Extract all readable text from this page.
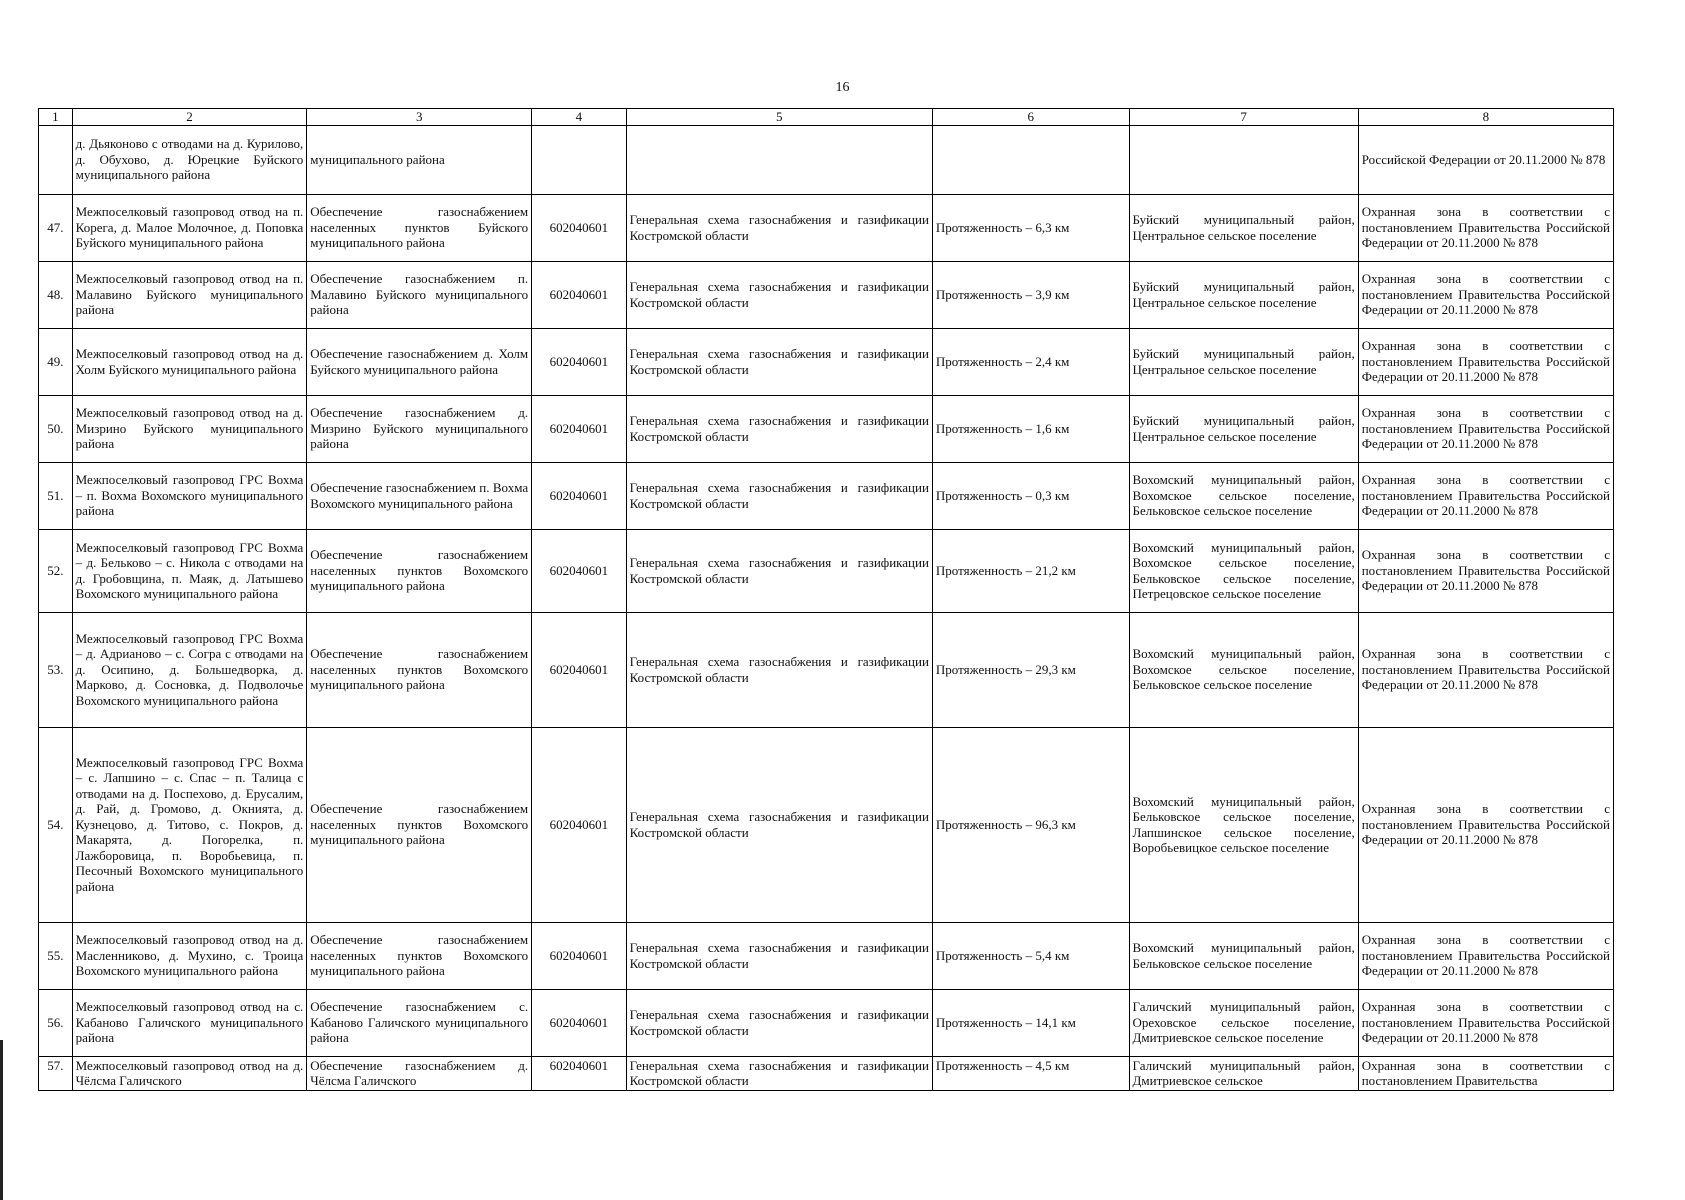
16
1	2	3	4	5	6	7	8
	д. Дьяконово с отводами на д. Курилово, д. Обухово, д. Юрецкие Буйского муниципального района	муниципального района					Российской Федерации от 20.11.2000 № 878
47.	Межпоселковый газопровод отвод на п. Корега, д. Малое Молочное, д. Поповка Буйского муниципального района	Обеспечение газоснабжением населенных пунктов Буйского муниципального района	602040601	Генеральная схема газоснабжения и газификации Костромской области	Протяженность – 6,3 км	Буйский муниципальный район, Центральное сельское поселение	Охранная зона в соответствии с постановлением Правительства Российской Федерации от 20.11.2000 № 878
48.	Межпоселковый газопровод отвод на п. Малавино Буйского муниципального района	Обеспечение газоснабжением п. Малавино Буйского муниципального района	602040601	Генеральная схема газоснабжения и газификации Костромской области	Протяженность – 3,9 км	Буйский муниципальный район, Центральное сельское поселение	Охранная зона в соответствии с постановлением Правительства Российской Федерации от 20.11.2000 № 878
49.	Межпоселковый газопровод отвод на д. Холм Буйского муниципального района	Обеспечение газоснабжением д. Холм Буйского муниципального района	602040601	Генеральная схема газоснабжения и газификации Костромской области	Протяженность – 2,4 км	Буйский муниципальный район, Центральное сельское поселение	Охранная зона в соответствии с постановлением Правительства Российской Федерации от 20.11.2000 № 878
50.	Межпоселковый газопровод отвод на д. Мизрино Буйского муниципального района	Обеспечение газоснабжением д. Мизрино Буйского муниципального района	602040601	Генеральная схема газоснабжения и газификации Костромской области	Протяженность – 1,6 км	Буйский муниципальный район, Центральное сельское поселение	Охранная зона в соответствии с постановлением Правительства Российской Федерации от 20.11.2000 № 878
51.	Межпоселковый газопровод ГРС Вохма – п. Вохма Вохомского муниципального района	Обеспечение газоснабжением п. Вохма Вохомского муниципального района	602040601	Генеральная схема газоснабжения и газификации Костромской области	Протяженность – 0,3 км	Вохомский муниципальный район, Вохомское сельское поселение, Бельковское сельское поселение	Охранная зона в соответствии с постановлением Правительства Российской Федерации от 20.11.2000 № 878
52.	Межпоселковый газопровод ГРС Вохма – д. Бельково – с. Никола с отводами на д. Гробовщина, п. Маяк, д. Латышево Вохомского муниципального района	Обеспечение газоснабжением населенных пунктов Вохомского муниципального района	602040601	Генеральная схема газоснабжения и газификации Костромской области	Протяженность – 21,2 км	Вохомский муниципальный район, Вохомское сельское поселение, Бельковское сельское поселение, Петрецовское сельское поселение	Охранная зона в соответствии с постановлением Правительства Российской Федерации от 20.11.2000 № 878
53.	Межпоселковый газопровод ГРС Вохма – д. Адрианово – с. Согра с отводами на д. Осипино, д. Большедворка, д. Марково, д. Сосновка, д. Подволочье Вохомского муниципального района	Обеспечение газоснабжением населенных пунктов Вохомского муниципального района	602040601	Генеральная схема газоснабжения и газификации Костромской области	Протяженность – 29,3 км	Вохомский муниципальный район, Вохомское сельское поселение, Бельковское сельское поселение	Охранная зона в соответствии с постановлением Правительства Российской Федерации от 20.11.2000 № 878
54.	Межпоселковый газопровод ГРС Вохма – с. Лапшино – с. Спас – п. Талица с отводами на д. Поспехово, д. Ерусалим, д. Рай, д. Громово, д. Окнията, д. Кузнецово, д. Титово, с. Покров, д. Макарята, д. Погорелка, п. Лажборовица, п. Воробьевица, п. Песочный Вохомского муниципального района	Обеспечение газоснабжением населенных пунктов Вохомского муниципального района	602040601	Генеральная схема газоснабжения и газификации Костромской области	Протяженность – 96,3 км	Вохомский муниципальный район, Бельковское сельское поселение, Лапшинское сельское поселение, Воробьевицкое сельское поселение	Охранная зона в соответствии с постановлением Правительства Российской Федерации от 20.11.2000 № 878
55.	Межпоселковый газопровод отвод на д. Масленниково, д. Мухино, с. Троица Вохомского муниципального района	Обеспечение газоснабжением населенных пунктов Вохомского муниципального района	602040601	Генеральная схема газоснабжения и газификации Костромской области	Протяженность – 5,4 км	Вохомский муниципальный район, Бельковское сельское поселение	Охранная зона в соответствии с постановлением Правительства Российской Федерации от 20.11.2000 № 878
56.	Межпоселковый газопровод отвод на с. Кабаново Галичского муниципального района	Обеспечение газоснабжением с. Кабаново Галичского муниципального района	602040601	Генеральная схема газоснабжения и газификации Костромской области	Протяженность – 14,1 км	Галичский муниципальный район, Ореховское сельское поселение, Дмитриевское сельское поселение	Охранная зона в соответствии с постановлением Правительства Российской Федерации от 20.11.2000 № 878
57.	Межпоселковый газопровод отвод на д. Чёлсма Галичского	Обеспечение газоснабжением д. Чёлсма Галичского	602040601	Генеральная схема газоснабжения и газификации Костромской области	Протяженность – 4,5 км	Галичский муниципальный район, Дмитриевское сельское	Охранная зона в соответствии с постановлением Правительства
